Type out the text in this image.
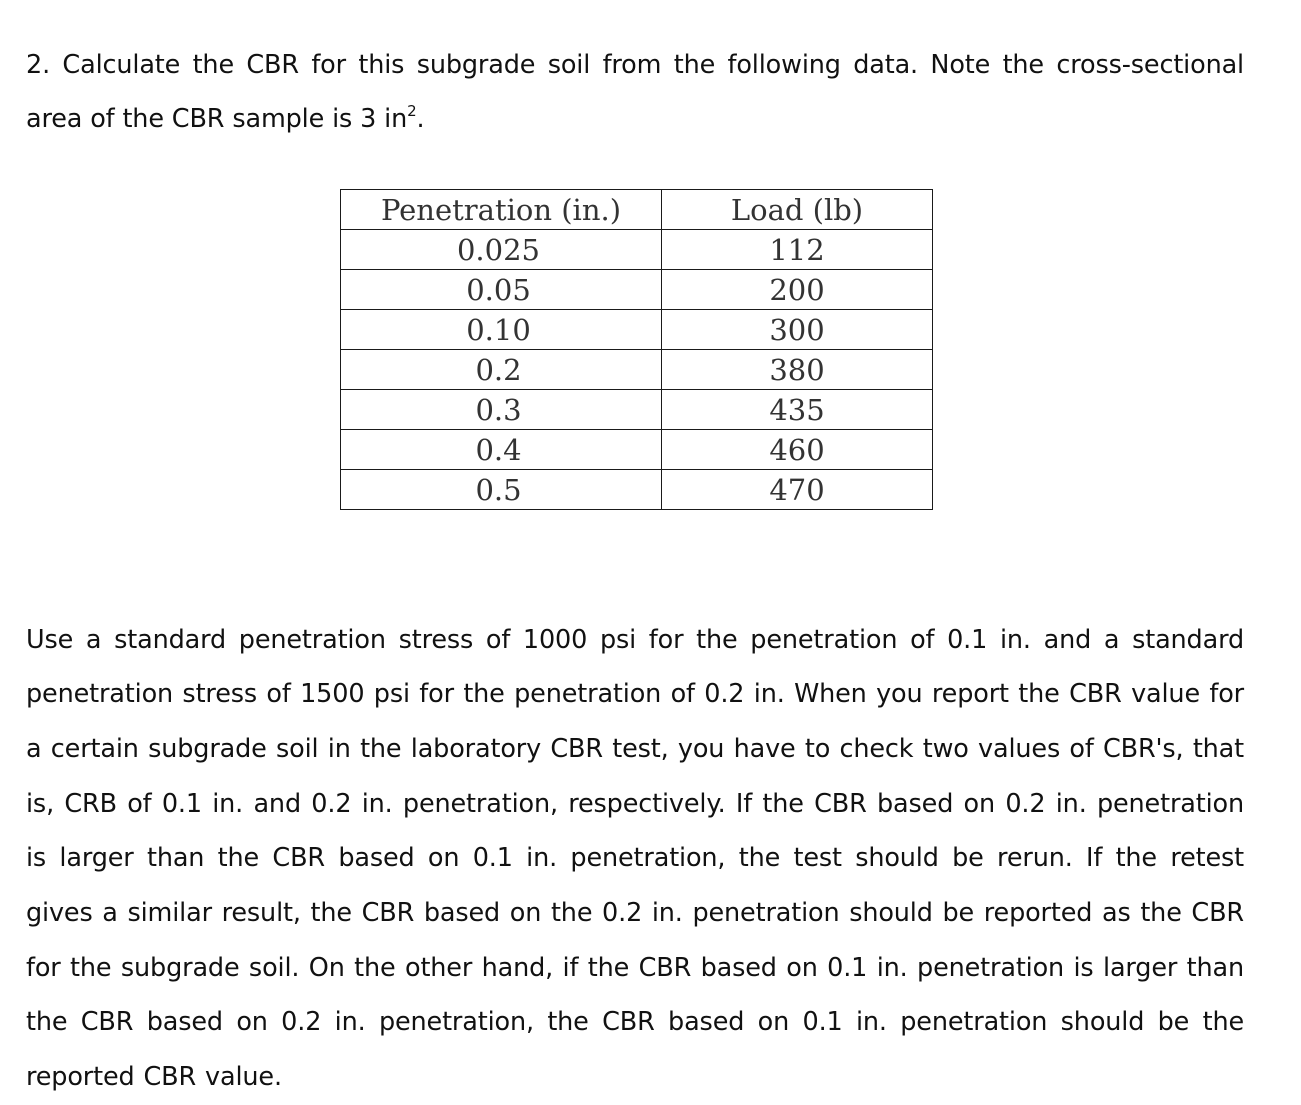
2. Calculate the CBR for this subgrade soil from the following data. Note the cross-sectional area of the CBR sample is 3 $in^2$.

Penetration (in.)	Load (lb)
0.025	112
0.05	200
0.10	300
0.2	380
0.3	435
0.4	460
0.5	470

Use a standard penetration stress of 1000 psi for the penetration of 0.1 in. and a standard penetration stress of 1500 psi for the penetration of 0.2 in. When you report the CBR value for a certain subgrade soil in the laboratory CBR test, you have to check two values of CBR's, that is, CRB of 0.1 in. and 0.2 in. penetration, respectively. If the CBR based on 0.2 in. penetration is larger than the CBR based on 0.1 in. penetration, the test should be rerun. If the retest gives a similar result, the CBR based on the 0.2 in. penetration should be reported as the CBR for the subgrade soil. On the other hand, if the CBR based on 0.1 in. penetration is larger than the CBR based on 0.2 in. penetration, the CBR based on 0.1 in. penetration should be the reported CBR value.
